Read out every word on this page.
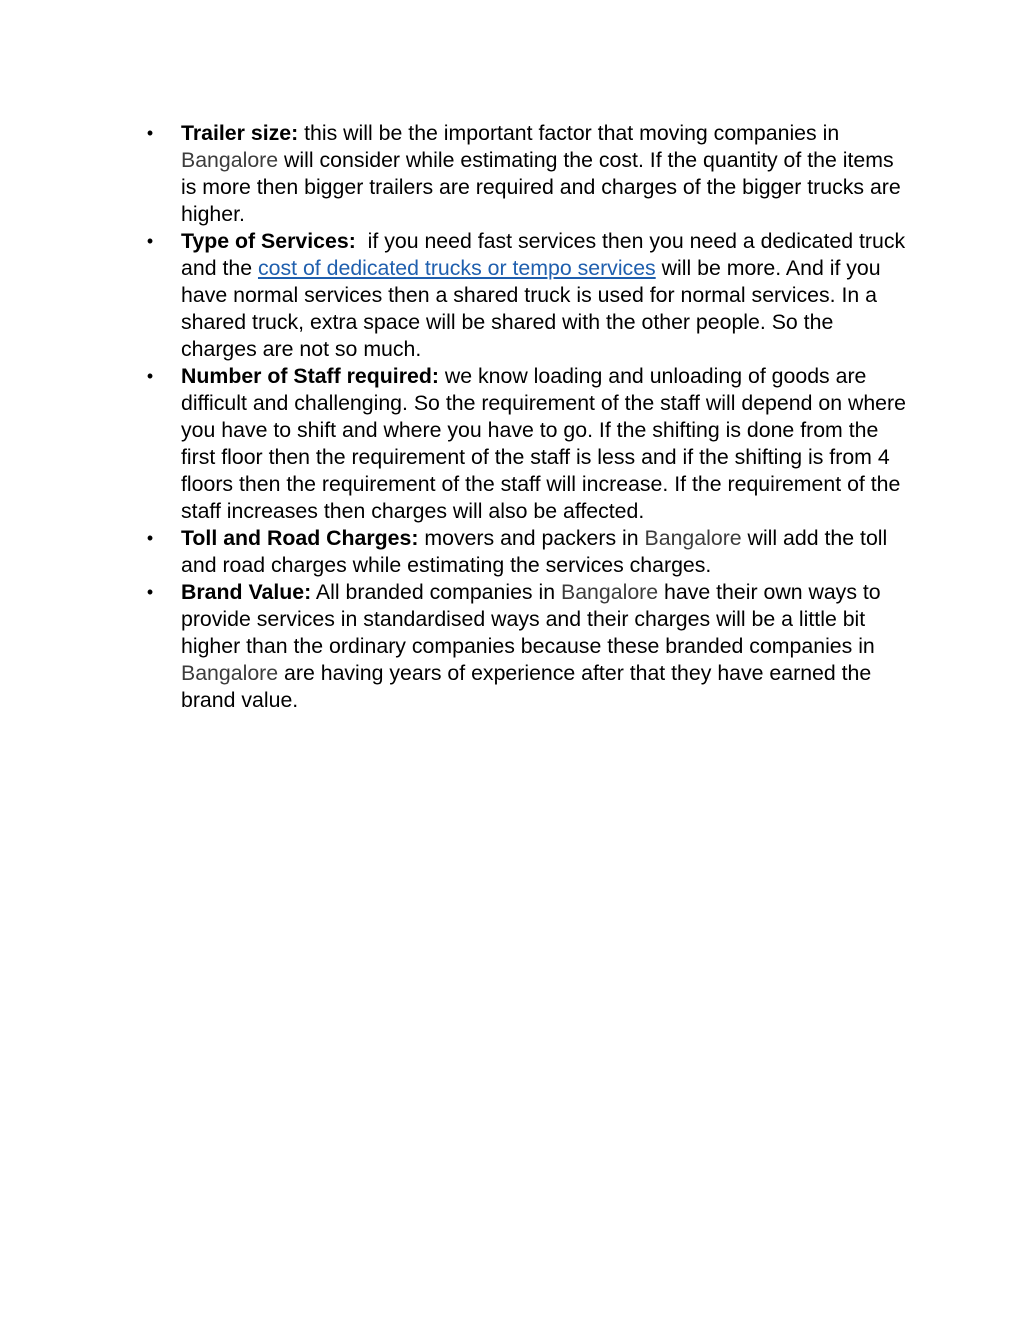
• Trailer size: this will be the important factor that moving companies in Bangalore will consider while estimating the cost. If the quantity of the items is more then bigger trailers are required and charges of the bigger trucks are higher.
• Type of Services:  if you need fast services then you need a dedicated truck and the cost of dedicated trucks or tempo services will be more. And if you have normal services then a shared truck is used for normal services. In a shared truck, extra space will be shared with the other people. So the charges are not so much.
• Number of Staff required: we know loading and unloading of goods are difficult and challenging. So the requirement of the staff will depend on where you have to shift and where you have to go. If the shifting is done from the first floor then the requirement of the staff is less and if the shifting is from 4 floors then the requirement of the staff will increase. If the requirement of the staff increases then charges will also be affected.
• Toll and Road Charges: movers and packers in Bangalore will add the toll and road charges while estimating the services charges.
• Brand Value: All branded companies in Bangalore have their own ways to provide services in standardised ways and their charges will be a little bit higher than the ordinary companies because these branded companies in Bangalore are having years of experience after that they have earned the brand value.
